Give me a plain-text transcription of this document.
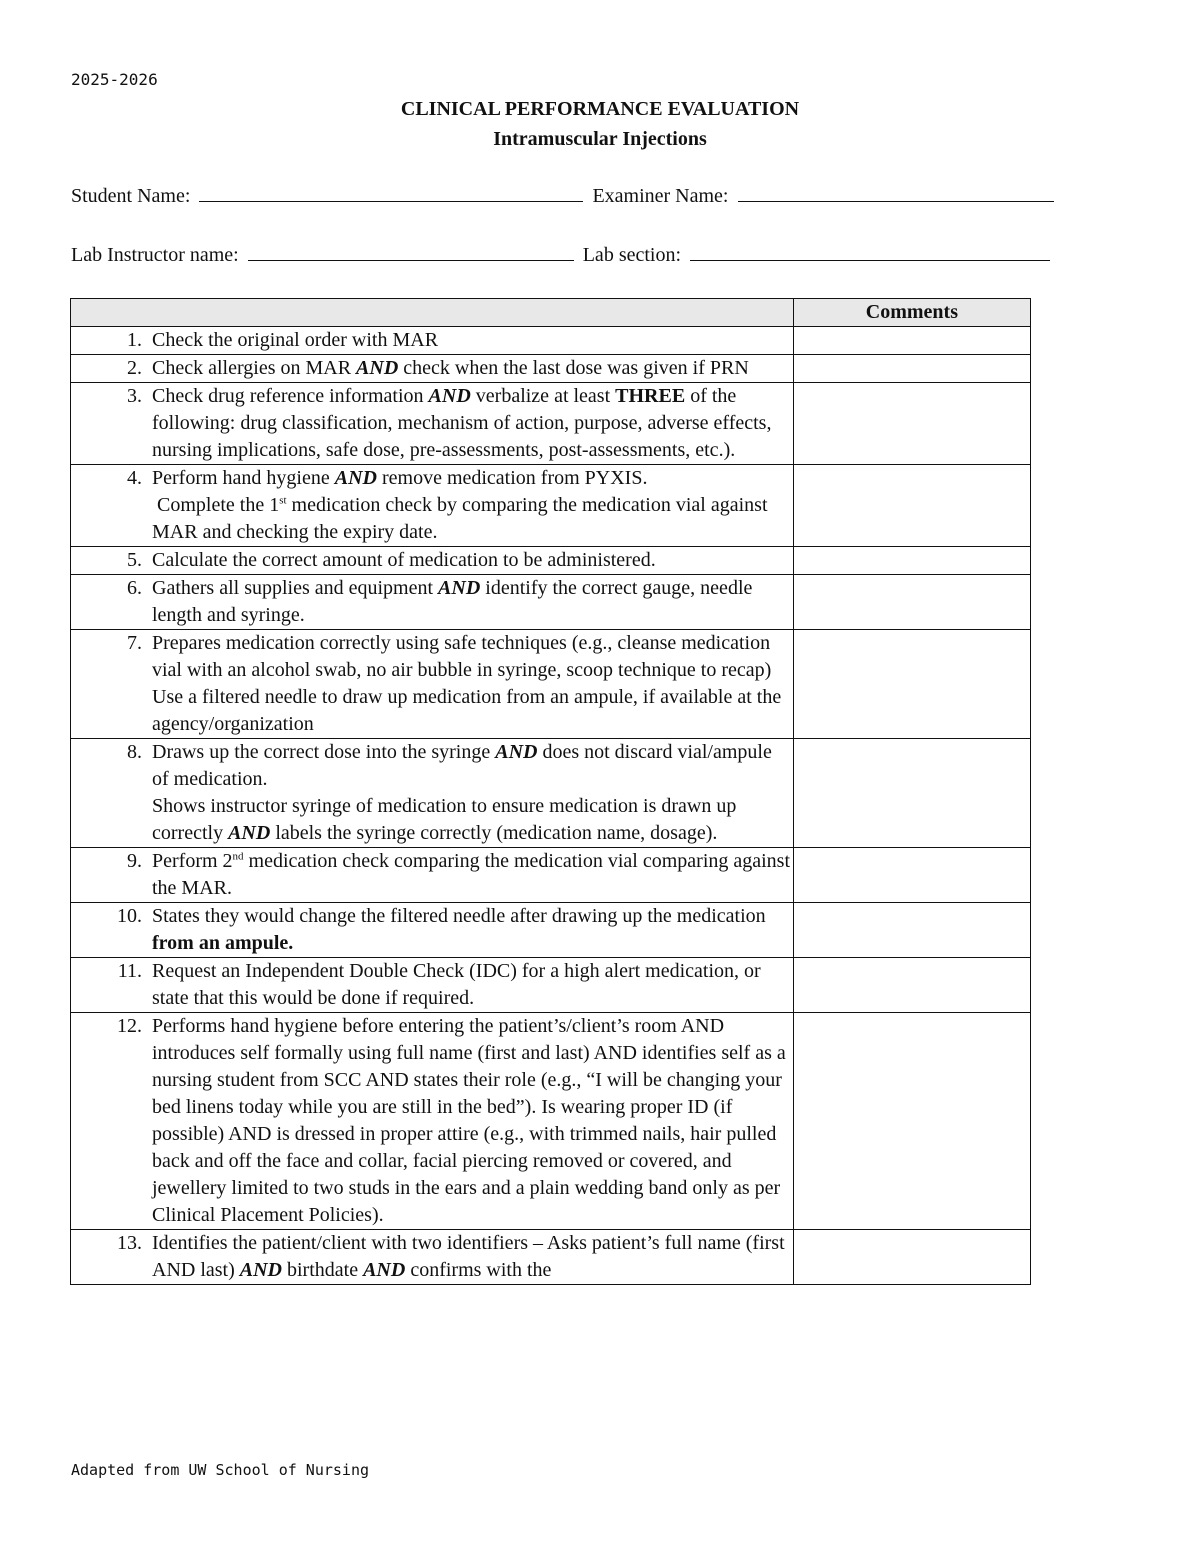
2025-2026
CLINICAL PERFORMANCE EVALUATION
Intramuscular Injections
Student Name:	Examiner Name:
Lab Instructor name:	Lab section:
	Comments

1. Check the original order with MAR	

2. Check allergies on MAR AND check when the last dose was given if PRN	

3. Check drug reference information AND verbalize at least THREE of the following: drug classification, mechanism of action, purpose, adverse effects, nursing implications, safe dose, pre-assessments, post-assessments, etc.).	

4. Perform hand hygiene AND remove medication from PYXIS.
Complete the 1st medication check by comparing the medication vial against MAR and checking the expiry date.	

5. Calculate the correct amount of medication to be administered.	

6. Gathers all supplies and equipment AND identify the correct gauge, needle length and syringe.	

7. Prepares medication correctly using safe techniques (e.g., cleanse medication vial with an alcohol swab, no air bubble in syringe, scoop technique to recap)
Use a filtered needle to draw up medication from an ampule, if available at the agency/organization	

8. Draws up the correct dose into the syringe AND does not discard vial/ampule of medication.
Shows instructor syringe of medication to ensure medication is drawn up correctly AND labels the syringe correctly (medication name, dosage).	

9. Perform 2nd medication check comparing the medication vial comparing against the MAR.	

10. States they would change the filtered needle after drawing up the medication from an ampule.	

11. Request an Independent Double Check (IDC) for a high alert medication, or state that this would be done if required.	

12. Performs hand hygiene before entering the patient’s/client’s room AND introduces self formally using full name (first and last) AND identifies self as a nursing student from SCC AND states their role (e.g., “I will be changing your bed linens today while you are still in the bed”). Is wearing proper ID (if possible) AND is dressed in proper attire (e.g., with trimmed nails, hair pulled back and off the face and collar, facial piercing removed or covered, and jewellery limited to two studs in the ears and a plain wedding band only as per Clinical Placement Policies).	

13. Identifies the patient/client with two identifiers – Asks patient’s full name (first AND last) AND birthdate AND confirms with the	

Adapted from UW School of Nursing
